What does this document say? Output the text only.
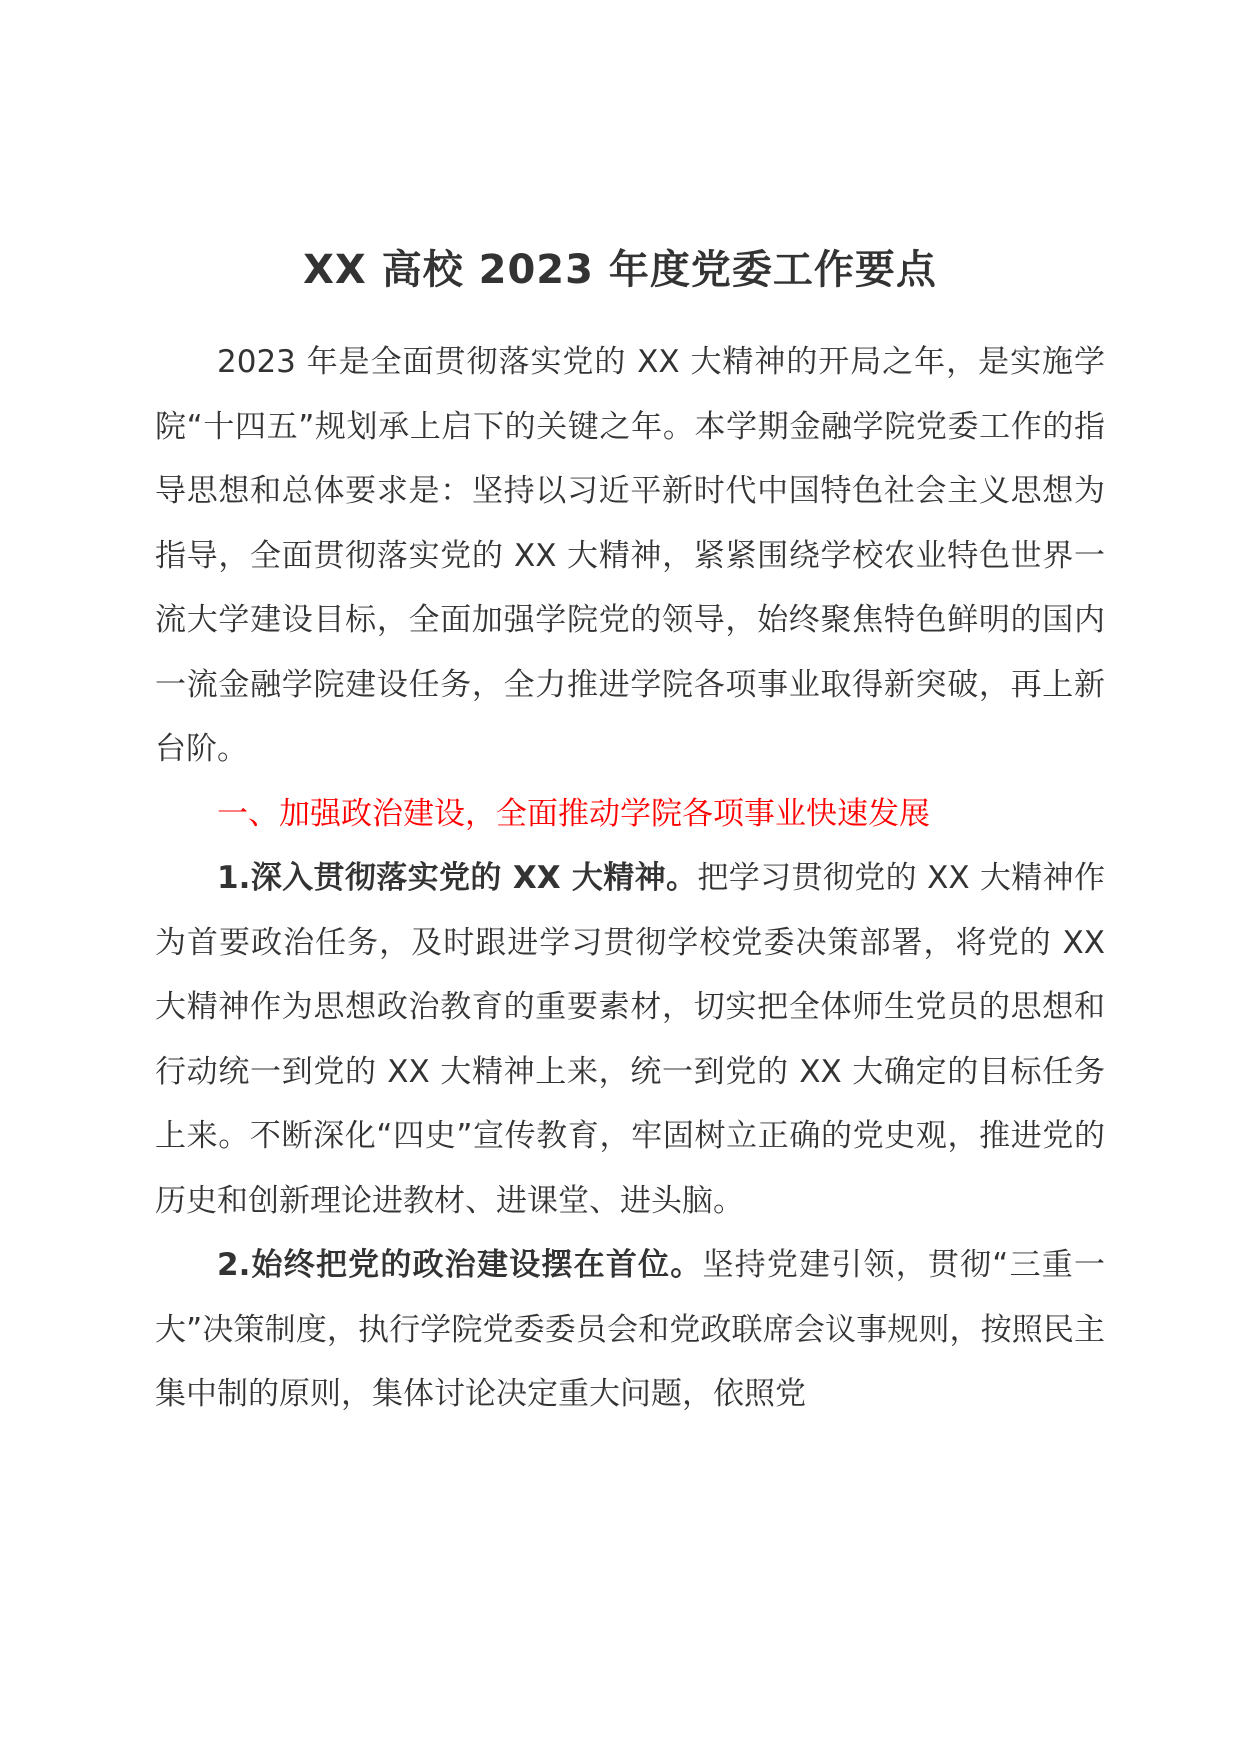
XX 高校 2023 年度党委工作要点

2023 年是全面贯彻落实党的 XX 大精神的开局之年，是实施学院“十四五”规划承上启下的关键之年。本学期金融学院党委工作的指导思想和总体要求是：坚持以习近平新时代中国特色社会主义思想为指导，全面贯彻落实党的 XX 大精神，紧紧围绕学校农业特色世界一流大学建设目标，全面加强学院党的领导，始终聚焦特色鲜明的国内一流金融学院建设任务，全力推进学院各项事业取得新突破，再上新台阶。

一、加强政治建设，全面推动学院各项事业快速发展

1.深入贯彻落实党的 XX 大精神。把学习贯彻党的 XX 大精神作为首要政治任务，及时跟进学习贯彻学校党委决策部署，将党的 XX 大精神作为思想政治教育的重要素材，切实把全体师生党员的思想和行动统一到党的 XX 大精神上来，统一到党的 XX 大确定的目标任务上来。不断深化“四史”宣传教育，牢固树立正确的党史观，推进党的历史和创新理论进教材、进课堂、进头脑。

2.始终把党的政治建设摆在首位。坚持党建引领，贯彻“三重一大”决策制度，执行学院党委委员会和党政联席会议事规则，按照民主集中制的原则，集体讨论决定重大问题，依照党
